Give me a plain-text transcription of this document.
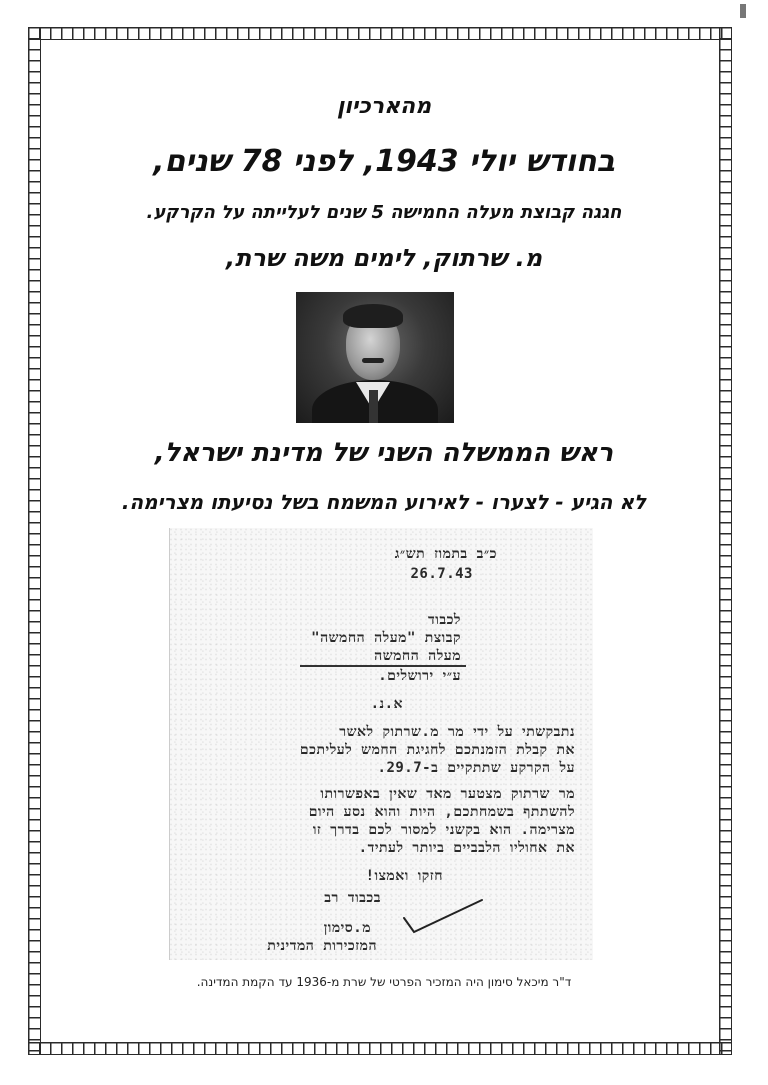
מהארכיון
בחודש יולי 1943, לפני 78 שנים,
חגגה קבוצת מעלה החמישה 5 שנים לעלייתה על הקרקע.
מ. שרתוק, לימים משה שרת,
ראש הממשלה השני של מדינת ישראל,
לא הגיע - לצערו - לאירוע המשמח בשל נסיעתו מצרימה.
כ״ב בתמוז תש״ג
26.7.43
לכבוד
קבוצת "מעלה החמשה"
מעלה החמשה
ע״י ירושלים.
א.נ.
נתבקשתי על ידי מר מ.שרתוק לאשר
את קבלת הזמנתכם לחגיגת החמש לעליתכם
על הקרקע שתתקיים ב-29.7.
מר שרתוק מצטער מאד שאין באפשרותו
להשתתף בשמחתכם, היות והוא נסע היום
מצרימה. הוא בקשני למסור לכם בדרך זו
את אחוליו הלבביים ביותר לעתיד.
חזקו ואמצו!
בכבוד רב
מ.סימון
המזכירות המדינית
ד"ר מיכאל סימון היה המזכיר הפרטי של שרת מ-1936 עד הקמת המדינה.
